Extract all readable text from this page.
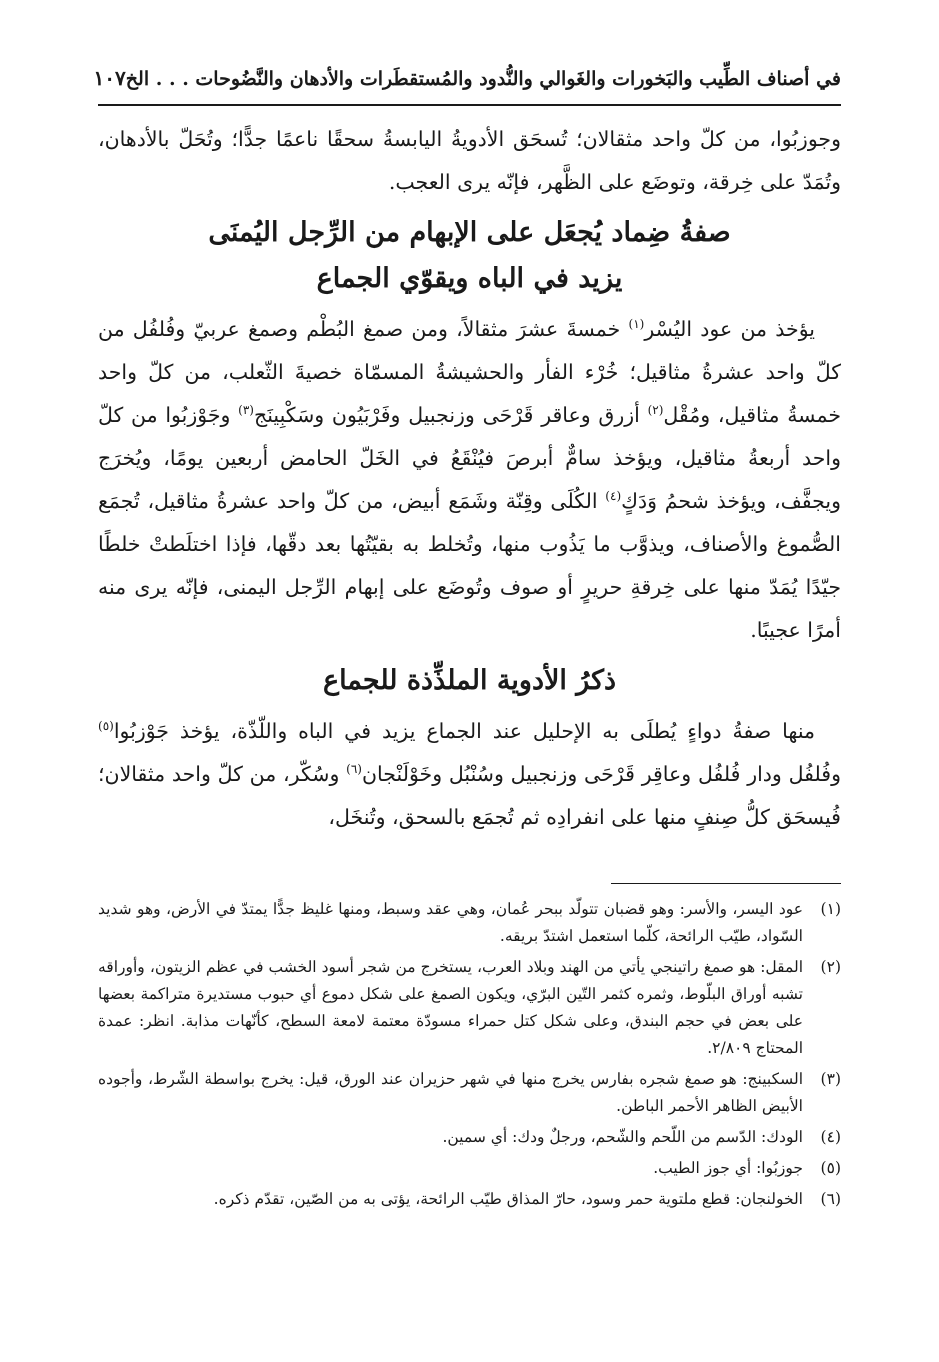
في أصناف الطِّيب والبَخورات والغَوالي والنُّدود والمُستقطَرات والأدهان والنَّضُوحات . . . الخ
١٠٧

وجوزبُوا، من كلّ واحد مثقالان؛ تُسحَق الأدويةُ اليابسةُ سحقًا ناعمًا جدًّا؛ وتُحَلّ بالأدهان، وتُمَدّ على خِرقة، وتوضَع على الظَّهر، فإنّه يرى العجب.

صفةُ ضِماد يُجعَل على الإبهام من الرِّجل اليُمنَى
يزيد في الباه ويقوّي الجماع

يؤخذ من عود اليُسْر$^{(١)}$ خمسةَ عشرَ مثقالاً، ومن صمغ البُطْم وصمغ عربيّ وفُلفُل من كلّ واحد عشرةُ مثاقيل؛ خُرْء الفأر والحشيشةُ المسمّاة خصيةَ الثّعلب، من كلّ واحد خمسةُ مثاقيل، ومُقْل$^{(٢)}$ أزرق وعاقر قَرْحَى وزنجبيل وفَرْبَيُون وسَكْبِينَج$^{(٣)}$ وجَوْزبُوا من كلّ واحد أربعةُ مثاقيل، ويؤخذ سامٌّ أبرصَ فيُنْقَعُ في الخَلّ الحامض أربعين يومًا، ويُخرَج ويجفَّف، ويؤخذ شحمُ وَدَكٍ$^{(٤)}$ الكُلَى وقِنّة وشَمَع أبيض، من كلّ واحد عشرةُ مثاقيل، تُجمَع الصُّموغ والأصناف، ويذوَّب ما يَذُوب منها، وتُخلط به بقيّتُها بعد دقّها، فإذا اختلَطتْ خلطًا جيّدًا يُمَدّ منها على خِرقةِ حريرٍ أو صوف وتُوضَع على إبهام الرِّجل اليمنى، فإنّه يرى منه أمرًا عجيبًا.

ذكرُ الأدوية الملذِّذة للجماع

منها صفةُ دواءٍ يُطلَى به الإحليل عند الجماع يزيد في الباه واللّذّة، يؤخذ جَوْزبُوا$^{(٥)}$ وفُلفُل ودار فُلفُل وعاقِر قَرْحَى وزنجبيل وسُنْبُل وخَوْلَنْجان$^{(٦)}$ وسُكّر، من كلّ واحد مثقالان؛ فُيسحَق كلُّ صِنفٍ منها على انفرادِه ثم تُجمَع بالسحق، وتُنخَل،

(١)
عود اليسر، والأسر: وهو قضبان تتولّد ببحر عُمان، وهي عقد وسبط، ومنها غليظ جدًّا يمتدّ في الأرض، وهو شديد السّواد، طيّب الرائحة، كلّما استعمل اشتدّ بريقه.
(٢)
المقل: هو صمغ راتينجي يأتي من الهند وبلاد العرب، يستخرج من شجر أسود الخشب في عظم الزيتون، وأوراقه تشبه أوراق البلّوط، وثمره كثمر التّين البرّي، ويكون الصمغ على شكل دموع أي حبوب مستديرة متراكمة بعضها على بعض في حجم البندق، وعلى شكل كتل حمراء مسودّة معتمة لامعة السطح، كأنّهات مذابة. انظر: عمدة المحتاج ٢/٨٠٩.
(٣)
السكبينج: هو صمغ شجره بفارس يخرج منها في شهر حزيران عند الورق، قيل: يخرج بواسطة الشّرط، وأجوده الأبيض الظاهر الأحمر الباطن.
(٤)
الودك: الدّسم من اللّحم والشّحم، ورجلٌ ودك: أي سمين.
(٥)
جوزبُوا: أي جوز الطيب.
(٦)
الخولنجان: قطع ملتوية حمر وسود، حارّ المذاق طيّب الرائحة، يؤتى به من الصّين، تقدّم ذكره.
